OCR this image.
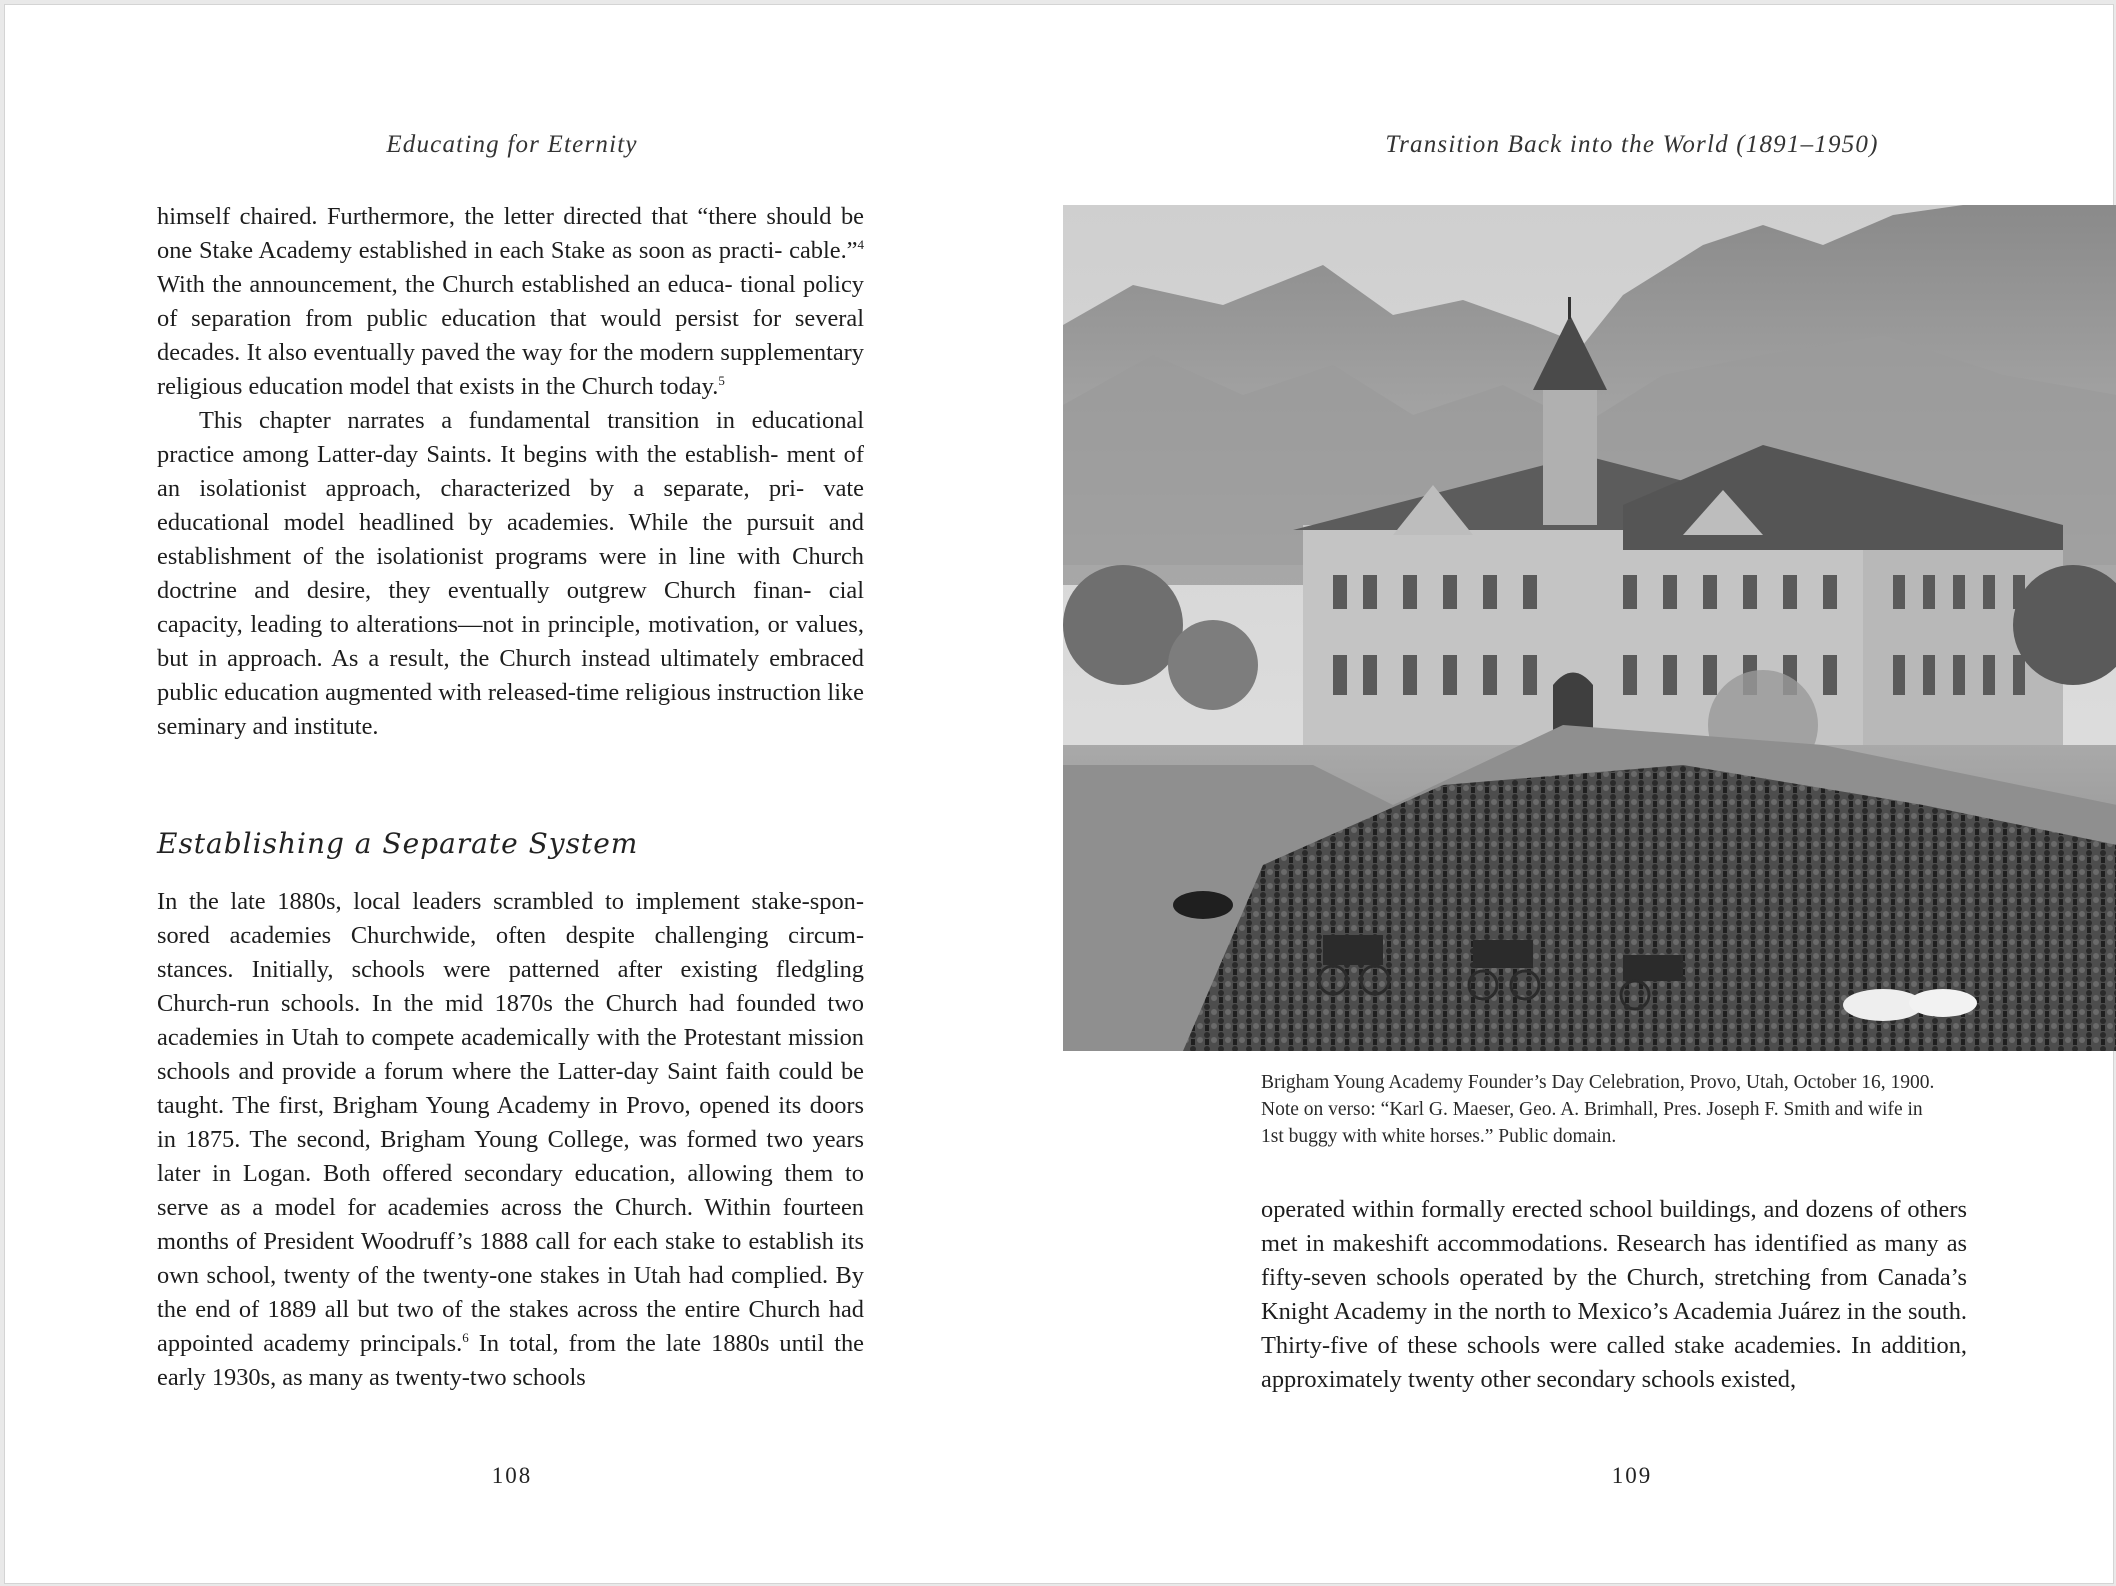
Educating for Eternity

himself chaired. Furthermore, the letter directed that “there should be one Stake Academy established in each Stake as soon as practi- cable.”$^4$ With the announcement, the Church established an educa- tional policy of separation from public education that would persist for several decades. It also eventually paved the way for the modern supplementary religious education model that exists in the Church today.$^5$

This chapter narrates a fundamental transition in educational practice among Latter-day Saints. It begins with the establish- ment of an isolationist approach, characterized by a separate, pri- vate educational model headlined by academies. While the pursuit and establishment of the isolationist programs were in line with Church doctrine and desire, they eventually outgrew Church finan- cial capacity, leading to alterations—not in principle, motivation, or values, but in approach. As a result, the Church instead ultimately embraced public education augmented with released-time religious instruction like seminary and institute.

Establishing a Separate System

In the late 1880s, local leaders scrambled to implement stake-spon- sored academies Churchwide, often despite challenging circum- stances. Initially, schools were patterned after existing fledgling Church-run schools. In the mid 1870s the Church had founded two academies in Utah to compete academically with the Protestant mission schools and provide a forum where the Latter-day Saint faith could be taught. The first, Brigham Young Academy in Provo, opened its doors in 1875. The second, Brigham Young College, was formed two years later in Logan. Both offered secondary education, allowing them to serve as a model for academies across the Church. Within fourteen months of President Woodruff’s 1888 call for each stake to establish its own school, twenty of the twenty-one stakes in Utah had complied. By the end of 1889 all but two of the stakes across the entire Church had appointed academy principals.$^6$ In total, from the late 1880s until the early 1930s, as many as twenty-two schools

108
Transition Back into the World (1891–1950)

operated within formally erected school buildings, and dozens of others met in makeshift accommodations. Research has identified as many as fifty-seven schools operated by the Church, stretching from Canada’s Knight Academy in the north to Mexico’s Academia Juárez in the south. Thirty-five of these schools were called stake academies. In addition, approximately twenty other secondary schools existed,

109
Brigham Young Academy Founder’s Day Celebration, Provo, Utah, October 16, 1900.
Note on verso: “Karl G. Maeser, Geo. A. Brimhall, Pres. Joseph F. Smith and wife in
1st buggy with white horses.” Public domain.
